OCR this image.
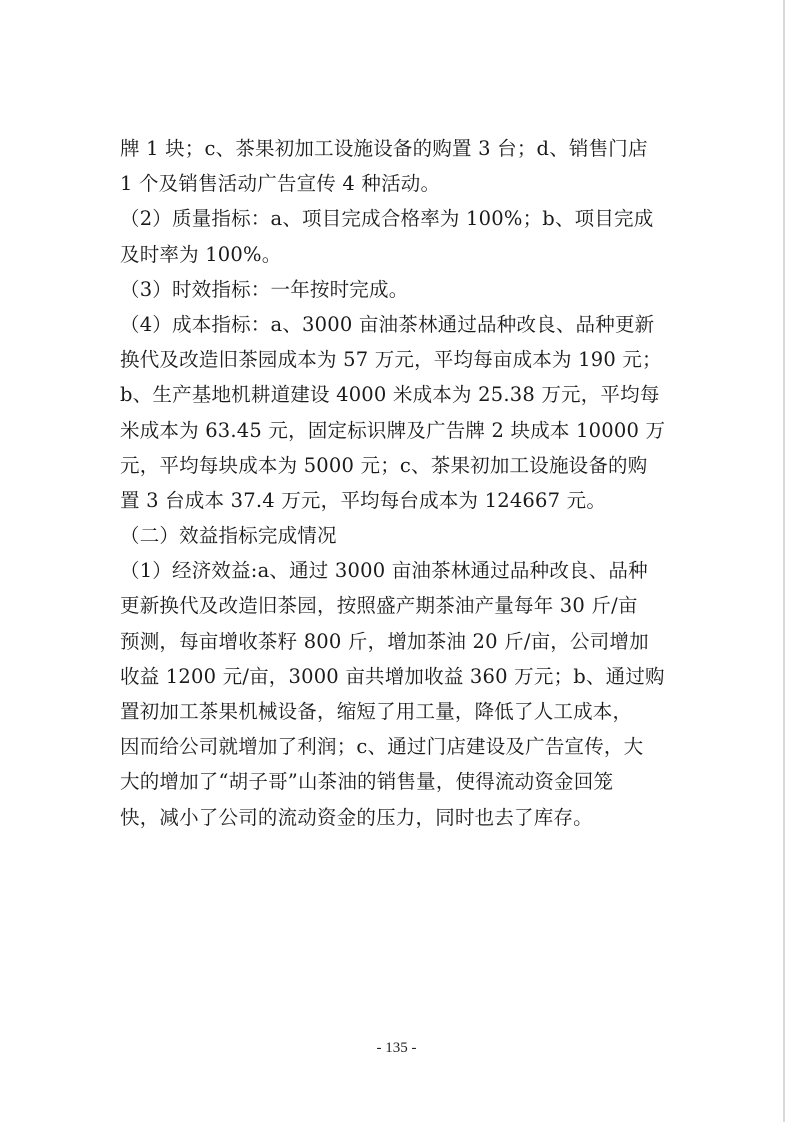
牌 1 块；c、茶果初加工设施设备的购置 3 台；d、销售门店
1 个及销售活动广告宣传 4 种活动。
（2）质量指标：a、项目完成合格率为 100%；b、项目完成
及时率为 100%。
（3）时效指标：一年按时完成。
（4）成本指标：a、3000 亩油茶林通过品种改良、品种更新
换代及改造旧茶园成本为 57 万元，平均每亩成本为 190 元；
b、生产基地机耕道建设 4000 米成本为 25.38 万元，平均每
米成本为 63.45 元，固定标识牌及广告牌 2 块成本 10000 万
元，平均每块成本为 5000 元；c、茶果初加工设施设备的购
置 3 台成本 37.4 万元，平均每台成本为 124667 元。
（二）效益指标完成情况
（1）经济效益:a、通过 3000 亩油茶林通过品种改良、品种
更新换代及改造旧茶园，按照盛产期茶油产量每年 30 斤/亩
预测，每亩增收茶籽 800 斤，增加茶油 20 斤/亩，公司增加
收益 1200 元/亩，3000 亩共增加收益 360 万元；b、通过购
置初加工茶果机械设备，缩短了用工量，降低了人工成本，
因而给公司就增加了利润；c、通过门店建设及广告宣传，大
大的增加了“胡子哥”山茶油的销售量，使得流动资金回笼
快，减小了公司的流动资金的压力，同时也去了库存。
- 135 -
